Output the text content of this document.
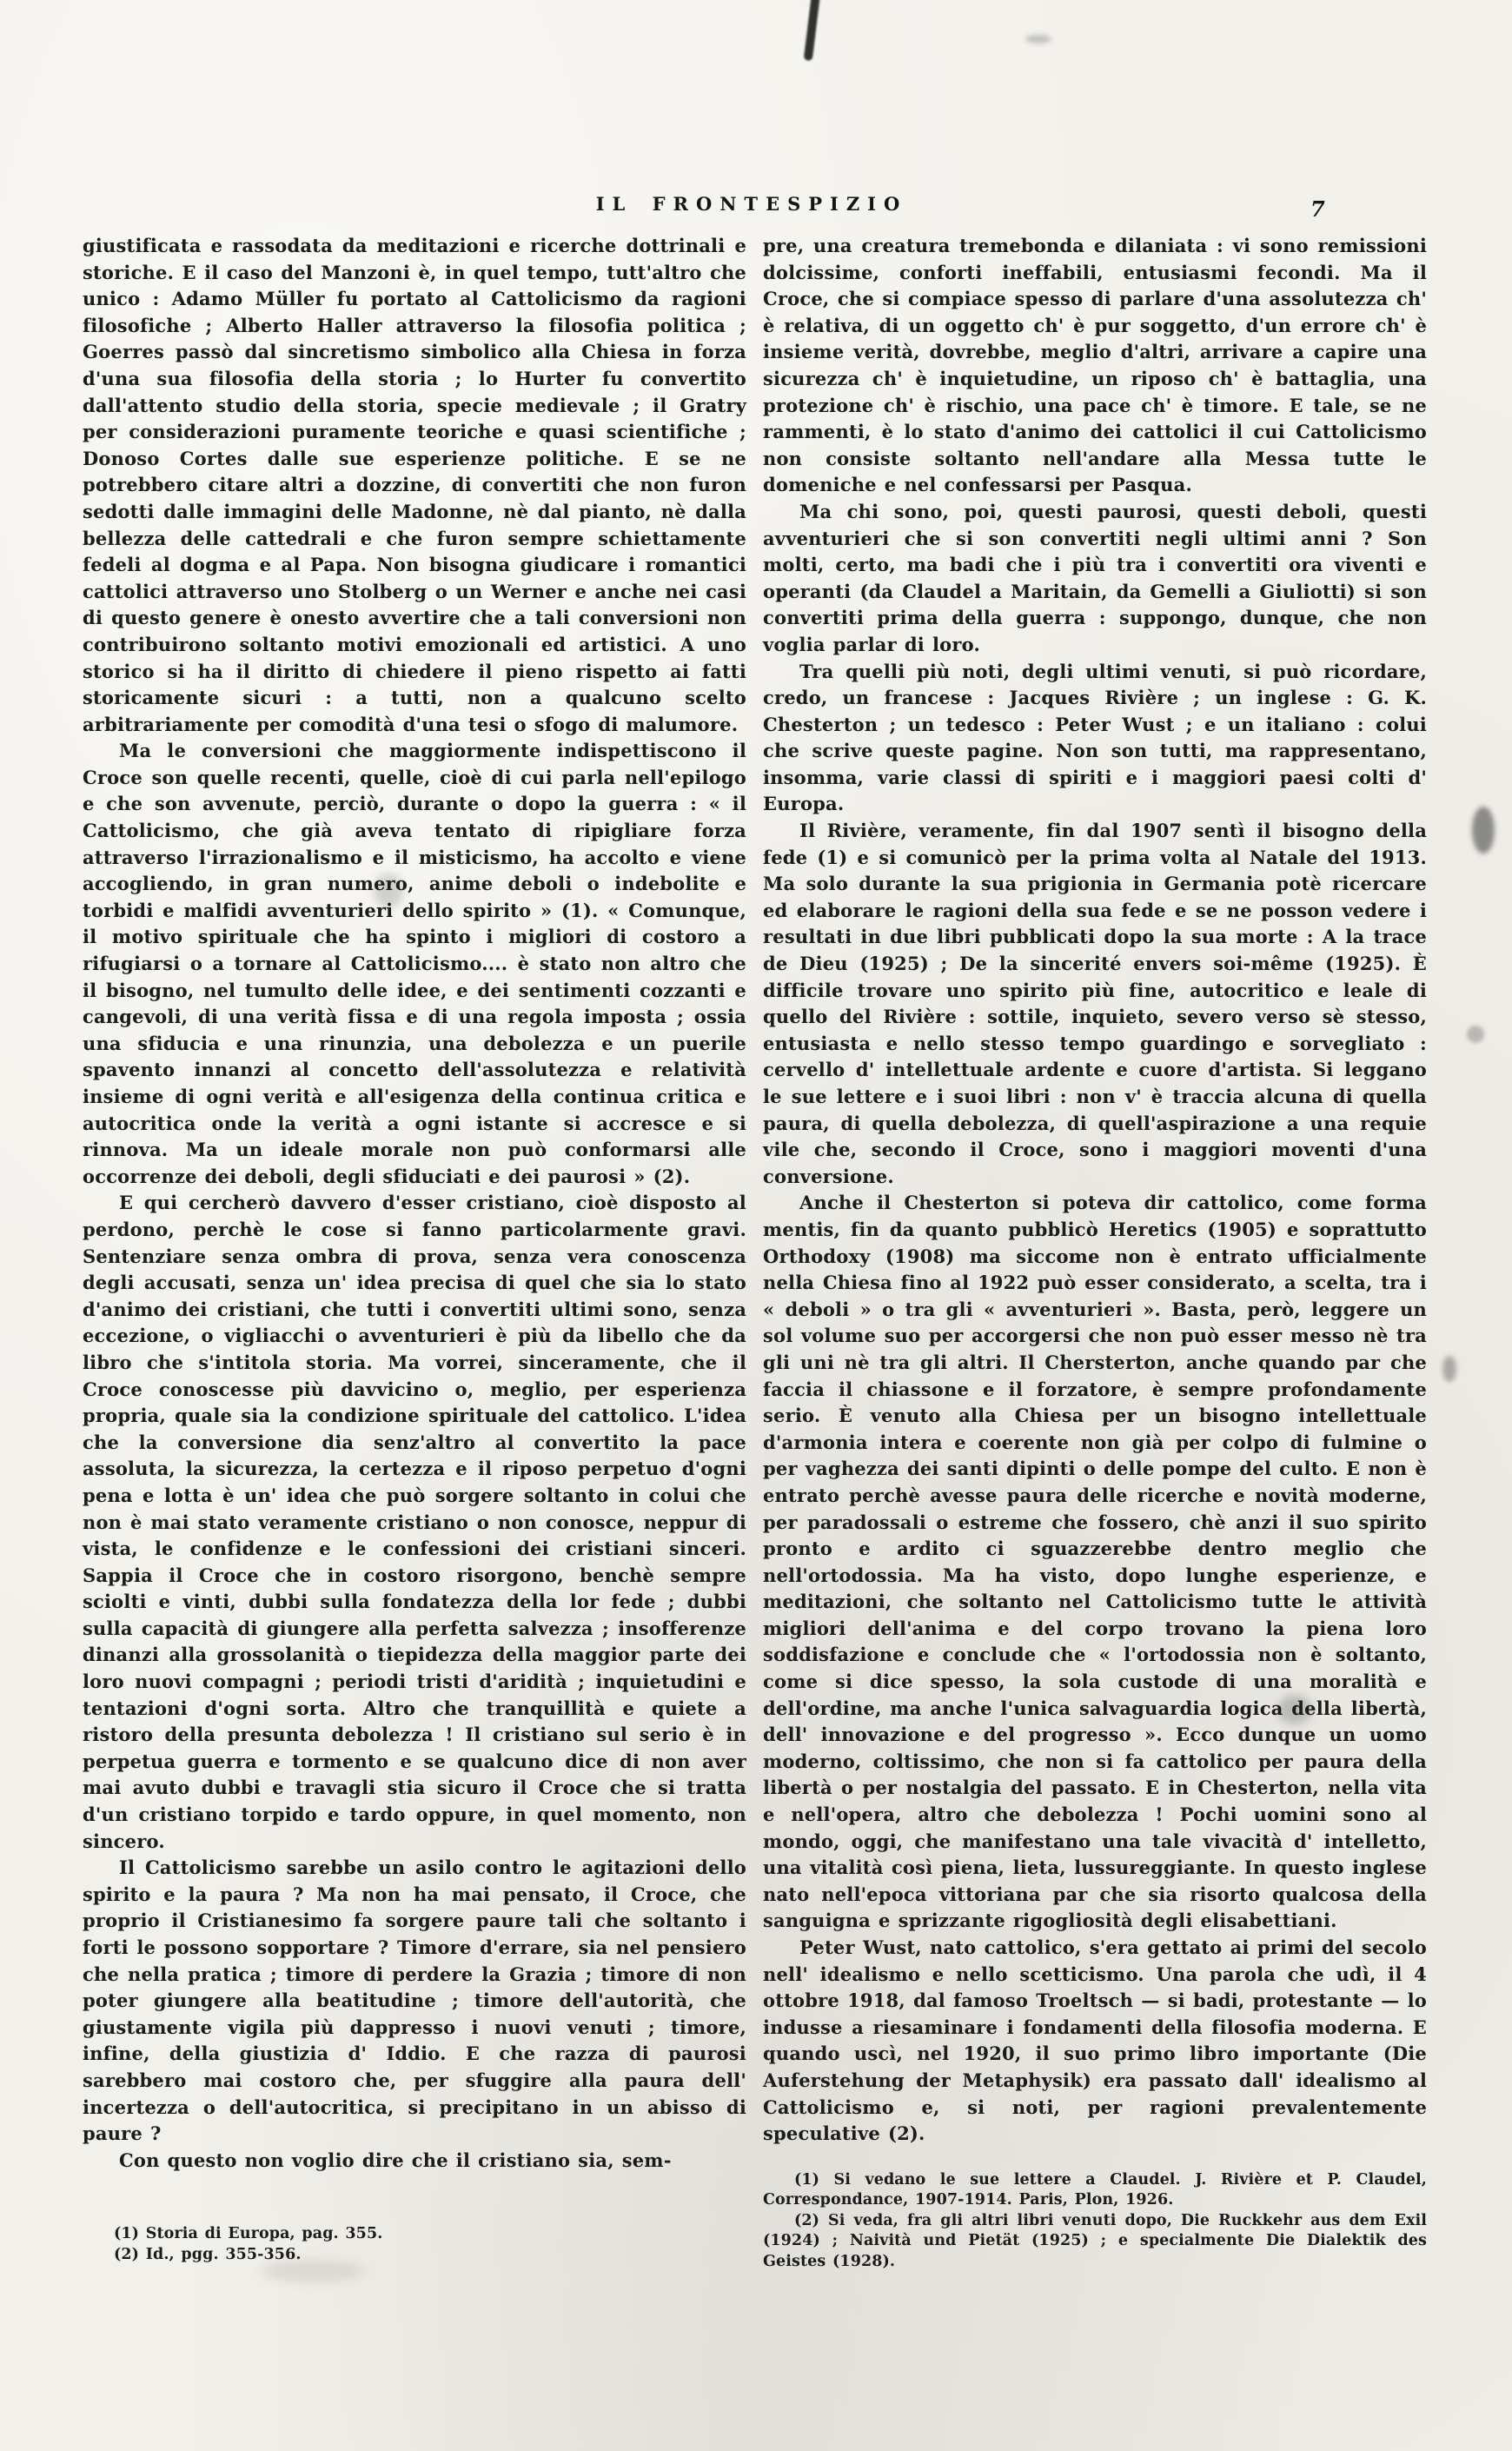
IL FRONTESPIZIO	7

giustificata e rassodata da meditazioni e ricerche dottrinali e storiche. E il caso del Manzoni è, in quel tempo, tutt'altro che unico : Adamo Müller fu portato al Cattolicismo da ragioni filosofiche ; Alberto Haller attraverso la filosofia politica ; Goerres passò dal sincretismo simbolico alla Chiesa in forza d'una sua filosofia della storia ; lo Hurter fu convertito dall'attento studio della storia, specie medievale ; il Gratry per considerazioni puramente teoriche e quasi scientifiche ; Donoso Cortes dalle sue esperienze politiche. E se ne potrebbero citare altri a dozzine, di convertiti che non furon sedotti dalle immagini delle Madonne, nè dal pianto, nè dalla bellezza delle cattedrali e che furon sempre schiettamente fedeli al dogma e al Papa. Non bisogna giudicare i romantici cattolici attraverso uno Stolberg o un Werner e anche nei casi di questo genere è onesto avvertire che a tali conversioni non contribuirono soltanto motivi emozionali ed artistici. A uno storico si ha il diritto di chiedere il pieno rispetto ai fatti storicamente sicuri : a tutti, non a qualcuno scelto arbitrariamente per comodità d'una tesi o sfogo di malumore.

Ma le conversioni che maggiormente indispettiscono il Croce son quelle recenti, quelle, cioè di cui parla nell'epilogo e che son avvenute, perciò, durante o dopo la guerra : « il Cattolicismo, che già aveva tentato di ripigliare forza attraverso l'irrazionalismo e il misticismo, ha accolto e viene accogliendo, in gran numero, anime deboli o indebolite e torbidi e malfidi avventurieri dello spirito » (1). « Comunque, il motivo spirituale che ha spinto i migliori di costoro a rifugiarsi o a tornare al Cattolicismo.... è stato non altro che il bisogno, nel tumulto delle idee, e dei sentimenti cozzanti e cangevoli, di una verità fissa e di una regola imposta ; ossia una sfiducia e una rinunzia, una debolezza e un puerile spavento innanzi al concetto dell'assolutezza e relatività insieme di ogni verità e all'esigenza della continua critica e autocritica onde la verità a ogni istante si accresce e si rinnova. Ma un ideale morale non può conformarsi alle occorrenze dei deboli, degli sfiduciati e dei paurosi » (2).

E qui cercherò davvero d'esser cristiano, cioè disposto al perdono, perchè le cose si fanno particolarmente gravi. Sentenziare senza ombra di prova, senza vera conoscenza degli accusati, senza un' idea precisa di quel che sia lo stato d'animo dei cristiani, che tutti i convertiti ultimi sono, senza eccezione, o vigliacchi o avventurieri è più da libello che da libro che s'intitola storia. Ma vorrei, sinceramente, che il Croce conoscesse più davvicino o, meglio, per esperienza propria, quale sia la condizione spirituale del cattolico. L'idea che la conversione dia senz'altro al convertito la pace assoluta, la sicurezza, la certezza e il riposo perpetuo d'ogni pena e lotta è un' idea che può sorgere soltanto in colui che non è mai stato veramente cristiano o non conosce, neppur di vista, le confidenze e le confessioni dei cristiani sinceri. Sappia il Croce che in costoro risorgono, benchè sempre sciolti e vinti, dubbi sulla fondatezza della lor fede ; dubbi sulla capacità di giungere alla perfetta salvezza ; insofferenze dinanzi alla grossolanità o tiepidezza della maggior parte dei loro nuovi compagni ; periodi tristi d'aridità ; inquietudini e tentazioni d'ogni sorta. Altro che tranquillità e quiete a ristoro della presunta debolezza ! Il cristiano sul serio è in perpetua guerra e tormento e se qualcuno dice di non aver mai avuto dubbi e travagli stia sicuro il Croce che si tratta d'un cristiano torpido e tardo oppure, in quel momento, non sincero.

Il Cattolicismo sarebbe un asilo contro le agitazioni dello spirito e la paura ? Ma non ha mai pensato, il Croce, che proprio il Cristianesimo fa sorgere paure tali che soltanto i forti le possono sopportare ? Timore d'errare, sia nel pensiero che nella pratica ; timore di perdere la Grazia ; timore di non poter giungere alla beatitudine ; timore dell'autorità, che giustamente vigila più dappresso i nuovi venuti ; timore, infine, della giustizia d' Iddio. E che razza di paurosi sarebbero mai costoro che, per sfuggire alla paura dell' incertezza o dell'autocritica, si precipitano in un abisso di paure ?

Con questo non voglio dire che il cristiano sia, sem-

(1) Storia di Europa, pag. 355.
(2) Id., pgg. 355-356.

pre, una creatura tremebonda e dilaniata : vi sono remissioni dolcissime, conforti ineffabili, entusiasmi fecondi. Ma il Croce, che si compiace spesso di parlare d'una assolutezza ch' è relativa, di un oggetto ch' è pur soggetto, d'un errore ch' è insieme verità, dovrebbe, meglio d'altri, arrivare a capire una sicurezza ch' è inquietudine, un riposo ch' è battaglia, una protezione ch' è rischio, una pace ch' è timore. E tale, se ne rammenti, è lo stato d'animo dei cattolici il cui Cattolicismo non consiste soltanto nell'andare alla Messa tutte le domeniche e nel confessarsi per Pasqua.

Ma chi sono, poi, questi paurosi, questi deboli, questi avventurieri che si son convertiti negli ultimi anni ? Son molti, certo, ma badi che i più tra i convertiti ora viventi e operanti (da Claudel a Maritain, da Gemelli a Giuliotti) si son convertiti prima della guerra : suppongo, dunque, che non voglia parlar di loro.

Tra quelli più noti, degli ultimi venuti, si può ricordare, credo, un francese : Jacques Rivière ; un inglese : G. K. Chesterton ; un tedesco : Peter Wust ; e un italiano : colui che scrive queste pagine. Non son tutti, ma rappresentano, insomma, varie classi di spiriti e i maggiori paesi colti d' Europa.

Il Rivière, veramente, fin dal 1907 sentì il bisogno della fede (1) e si comunicò per la prima volta al Natale del 1913. Ma solo durante la sua prigionia in Germania potè ricercare ed elaborare le ragioni della sua fede e se ne posson vedere i resultati in due libri pubblicati dopo la sua morte : A la trace de Dieu (1925) ; De la sincerité envers soi-même (1925). È difficile trovare uno spirito più fine, autocritico e leale di quello del Rivière : sottile, inquieto, severo verso sè stesso, entusiasta e nello stesso tempo guardingo e sorvegliato : cervello d' intellettuale ardente e cuore d'artista. Si leggano le sue lettere e i suoi libri : non v' è traccia alcuna di quella paura, di quella debolezza, di quell'aspirazione a una requie vile che, secondo il Croce, sono i maggiori moventi d'una conversione.

Anche il Chesterton si poteva dir cattolico, come forma mentis, fin da quanto pubblicò Heretics (1905) e soprattutto Orthodoxy (1908) ma siccome non è entrato ufficialmente nella Chiesa fino al 1922 può esser considerato, a scelta, tra i « deboli » o tra gli « avventurieri ». Basta, però, leggere un sol volume suo per accorgersi che non può esser messo nè tra gli uni nè tra gli altri. Il Chersterton, anche quando par che faccia il chiassone e il forzatore, è sempre profondamente serio. È venuto alla Chiesa per un bisogno intellettuale d'armonia intera e coerente non già per colpo di fulmine o per vaghezza dei santi dipinti o delle pompe del culto. E non è entrato perchè avesse paura delle ricerche e novità moderne, per paradossali o estreme che fossero, chè anzi il suo spirito pronto e ardito ci sguazzerebbe dentro meglio che nell'ortodossia. Ma ha visto, dopo lunghe esperienze, e meditazioni, che soltanto nel Cattolicismo tutte le attività migliori dell'anima e del corpo trovano la piena loro soddisfazione e conclude che « l'ortodossia non è soltanto, come si dice spesso, la sola custode di una moralità e dell'ordine, ma anche l'unica salvaguardia logica della libertà, dell' innovazione e del progresso ». Ecco dunque un uomo moderno, coltissimo, che non si fa cattolico per paura della libertà o per nostalgia del passato. E in Chesterton, nella vita e nell'opera, altro che debolezza ! Pochi uomini sono al mondo, oggi, che manifestano una tale vivacità d' intelletto, una vitalità così piena, lieta, lussureggiante. In questo inglese nato nell'epoca vittoriana par che sia risorto qualcosa della sanguigna e sprizzante rigogliosità degli elisabettiani.

Peter Wust, nato cattolico, s'era gettato ai primi del secolo nell' idealismo e nello scetticismo. Una parola che udì, il 4 ottobre 1918, dal famoso Troeltsch — si badi, protestante — lo indusse a riesaminare i fondamenti della filosofia moderna. E quando uscì, nel 1920, il suo primo libro importante (Die Auferstehung der Metaphysik) era passato dall' idealismo al Cattolicismo e, si noti, per ragioni prevalentemente speculative (2).

(1) Si vedano le sue lettere a Claudel. J. Rivière et P. Claudel, Correspondance, 1907-1914. Paris, Plon, 1926.
(2) Si veda, fra gli altri libri venuti dopo, Die Ruckkehr aus dem Exil (1924) ; Naività und Pietät (1925) ; e specialmente Die Dialektik des Geistes (1928).
